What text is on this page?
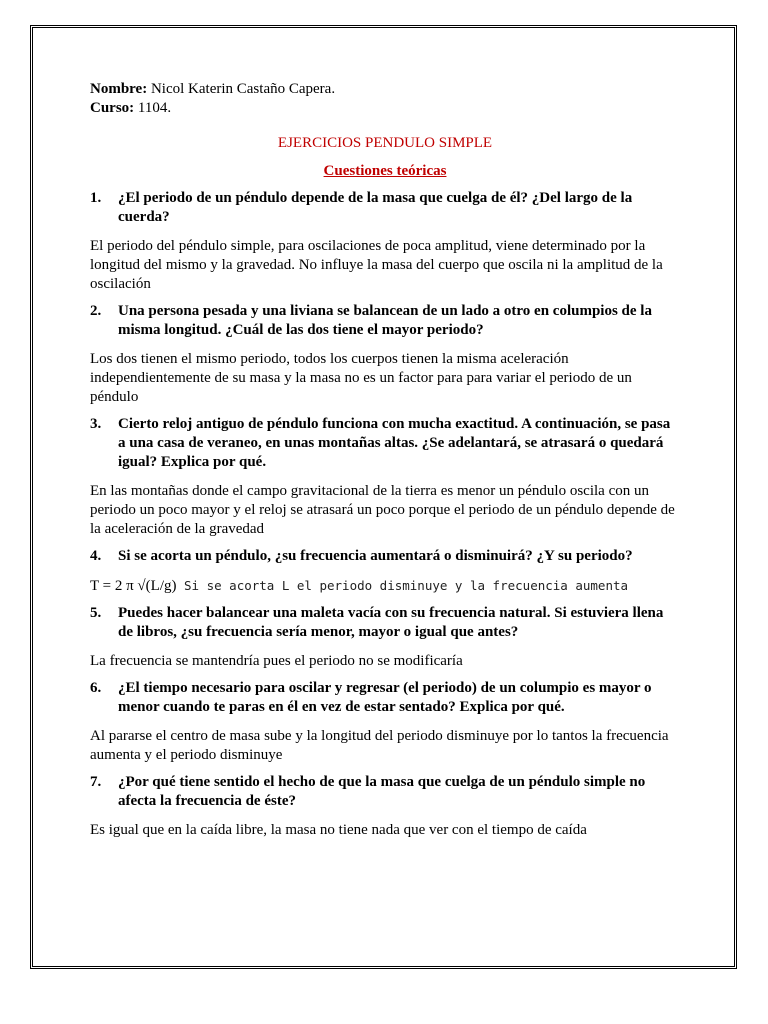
Nombre: Nicol Katerin Castaño Capera.
Curso: 1104.
EJERCICIOS PENDULO SIMPLE
Cuestiones teóricas
1.	¿El periodo de un péndulo depende de la masa que cuelga de él? ¿Del largo de la cuerda?

El periodo del péndulo simple, para oscilaciones de poca amplitud, viene determinado por la longitud del mismo y la gravedad. No influye la masa del cuerpo que oscila ni la amplitud de la oscilación

2.	Una persona pesada y una liviana se balancean de un lado a otro en columpios de la misma longitud. ¿Cuál de las dos tiene el mayor periodo?

Los dos tienen el mismo periodo, todos los cuerpos tienen la misma aceleración independientemente de su masa y la masa no es un factor para para variar el periodo de un péndulo

3.	Cierto reloj antiguo de péndulo funciona con mucha exactitud. A continuación, se pasa a una casa de veraneo, en unas montañas altas. ¿Se adelantará, se atrasará o quedará igual? Explica por qué.

En las montañas donde el campo gravitacional de la tierra es menor un péndulo oscila con un periodo un poco mayor y el reloj se atrasará un poco porque el periodo de un péndulo depende de la aceleración de la gravedad

4.	Si se acorta un péndulo, ¿su frecuencia aumentará o disminuirá? ¿Y su periodo?
T = 2 π √(L/g) Si se acorta L el periodo disminuye y la frecuencia aumenta
5.	Puedes hacer balancear una maleta vacía con su frecuencia natural. Si estuviera llena de libros, ¿su frecuencia sería menor, mayor o igual que antes?

La frecuencia se mantendría pues el periodo no se modificaría

6.	¿El tiempo necesario para oscilar y regresar (el periodo) de un columpio es mayor o menor cuando te paras en él en vez de estar sentado? Explica por qué.

Al pararse el centro de masa sube y la longitud del periodo disminuye por lo tantos la frecuencia aumenta y el periodo disminuye

7.	¿Por qué tiene sentido el hecho de que la masa que cuelga de un péndulo simple no afecta la frecuencia de éste?

Es igual que en la caída libre, la masa no tiene nada que ver con el tiempo de caída
